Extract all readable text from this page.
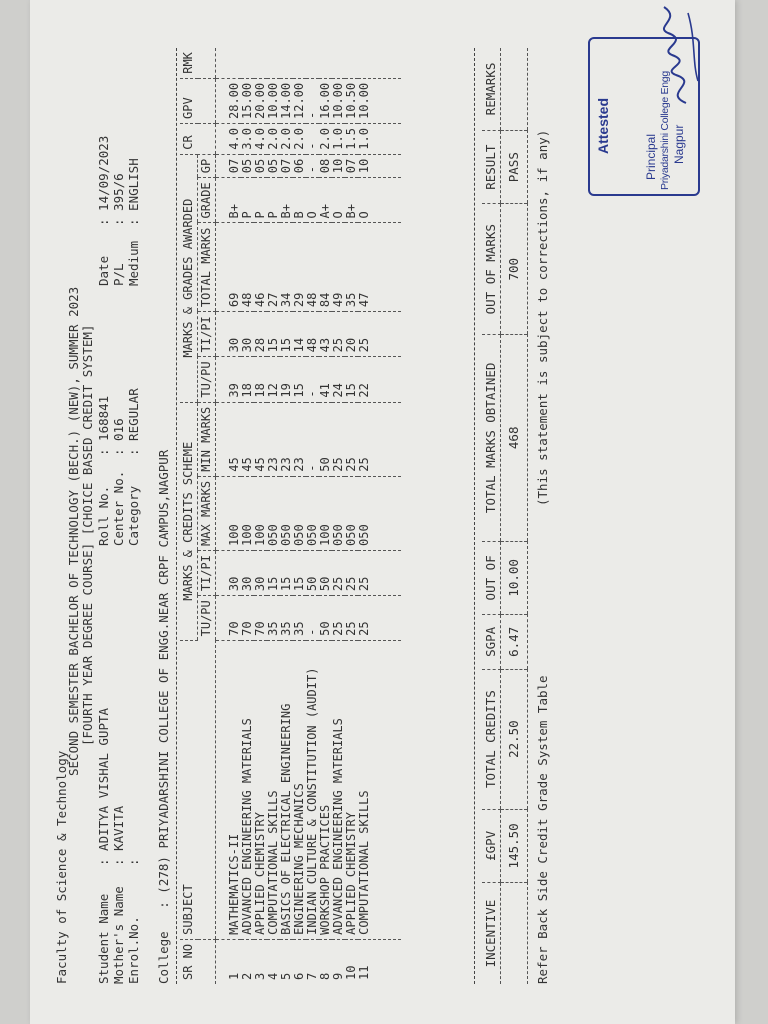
Faculty of Science & Technology
SECOND SEMESTER BACHELOR OF TECHNOLOGY (BECH.) (NEW), SUMMER 2023 [FOURTH YEAR DEGREE COURSE] [CHOICE BASED CREDIT SYSTEM]
Student Name
: ADITYA VISHAL GUPTA
Mother's Name
: KAVITA
Enrol.No.
:
Roll No.
: 168841
Center No.
: 016
Category
: REGULAR
Date
: 14/09/2023
P/L
: 395/6
Medium
: ENGLISH
College   : (278) PRIYADARSHINI COLLEGE OF ENGG.NEAR CRPF CAMPUS,NAGPUR SR NO	SUBJECT	MARKS & CREDITS SCHEME				MARKS & GRADES AWARDED					CR	GPV	RMK
		TU/PU	TI/PI	MAX MARKS	MIN MARKS	TU/PU	TI/PI	TOTAL MARKS	GRADE	GP			
1	MATHEMATICS-II	70	30	100	45	39	30	69	B+	07	4.0	28.00	
2	ADVANCED ENGINEERING MATERIALS	70	30	100	45	18	30	48	P	05	3.0	15.00	
3	APPLIED CHEMISTRY	70	30	100	45	18	28	46	P	05	4.0	20.00	
4	COMPUTATIONAL SKILLS	35	15	050	23	12	15	27	P	05	2.0	10.00	
5	BASICS OF ELECTRICAL ENGINEERING	35	15	050	23	19	15	34	B+	07	2.0	14.00	
6	ENGINEERING MECHANICS	35	15	050	23	15	14	29	B	06	2.0	12.00	
7	INDIAN CULTURE & CONSTITUTION (AUDIT)	-	50	050	-	-	48	48	O	-	-	-	
8	WORKSHOP PRACTICES	50	50	100	50	41	43	84	A+	08	2.0	16.00	
9	ADVANCED ENGINEERING MATERIALS	25	25	050	25	24	25	49	O	10	1.0	10.00	
10	APPLIED CHEMISTRY	25	25	050	25	15	20	35	B+	07	1.5	10.50	
11	COMPUTATIONAL SKILLS	25	25	050	25	22	25	47	O	10	1.0	10.00	
INCENTIVE	£GPV	TOTAL CREDITS	SGPA	OUT OF	TOTAL MARKS OBTAINED	OUT OF MARKS	RESULT	REMARKS
	145.50	22.50	6.47	10.00	468	700	PASS	
Refer Back Side Credit Grade System Table
(This statement is subject to corrections, if any)
Attested
Principal Priyadarshini College Engg Nagpur
